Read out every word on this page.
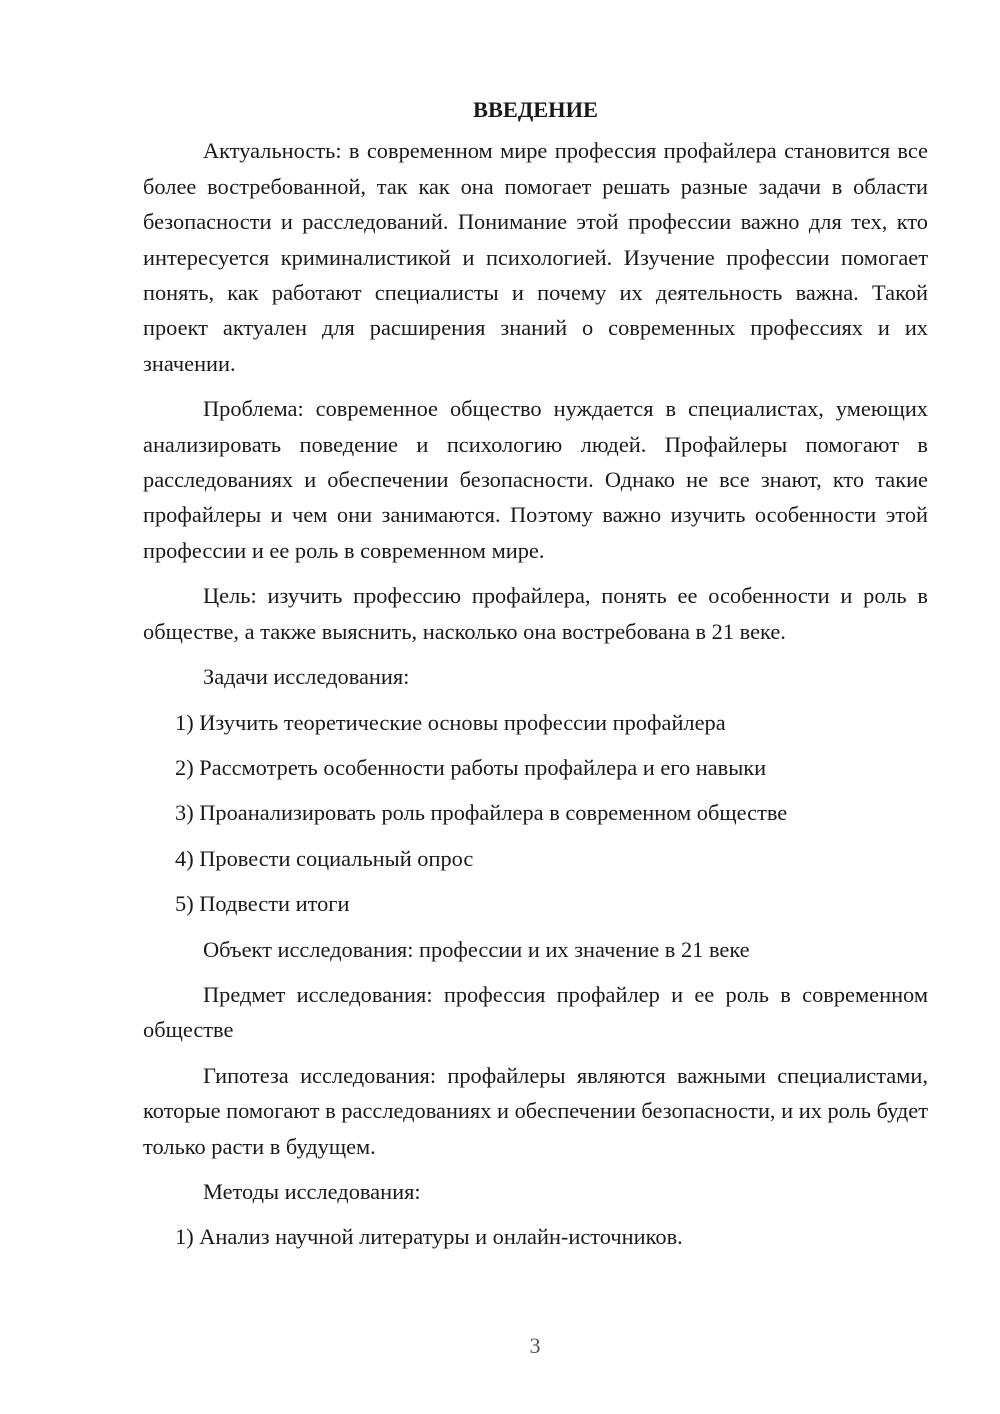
ВВЕДЕНИЕ

Актуальность: в современном мире профессия профайлера становится все более востребованной, так как она помогает решать разные задачи в области безопасности и расследований. Понимание этой профессии важно для тех, кто интересуется криминалистикой и психологией. Изучение профессии помогает понять, как работают специалисты и почему их деятельность важна. Такой проект актуален для расширения знаний о современных профессиях и их значении.

Проблема: современное общество нуждается в специалистах, умеющих анализировать поведение и психологию людей. Профайлеры помогают в расследованиях и обеспечении безопасности. Однако не все знают, кто такие профайлеры и чем они занимаются. Поэтому важно изучить особенности этой профессии и ее роль в современном мире.

Цель: изучить профессию профайлера, понять ее особенности и роль в обществе, а также выяснить, насколько она востребована в 21 веке.

Задачи исследования:

1) Изучить теоретические основы профессии профайлера

2) Рассмотреть особенности работы профайлера и его навыки

3) Проанализировать роль профайлера в современном обществе

4) Провести социальный опрос

5) Подвести итоги

Объект исследования: профессии и их значение в 21 веке

Предмет исследования: профессия профайлер и ее роль в современном обществе

Гипотеза исследования: профайлеры являются важными специалистами, которые помогают в расследованиях и обеспечении безопасности, и их роль будет только расти в будущем.

Методы исследования:

1) Анализ научной литературы и онлайн-источников.

3
